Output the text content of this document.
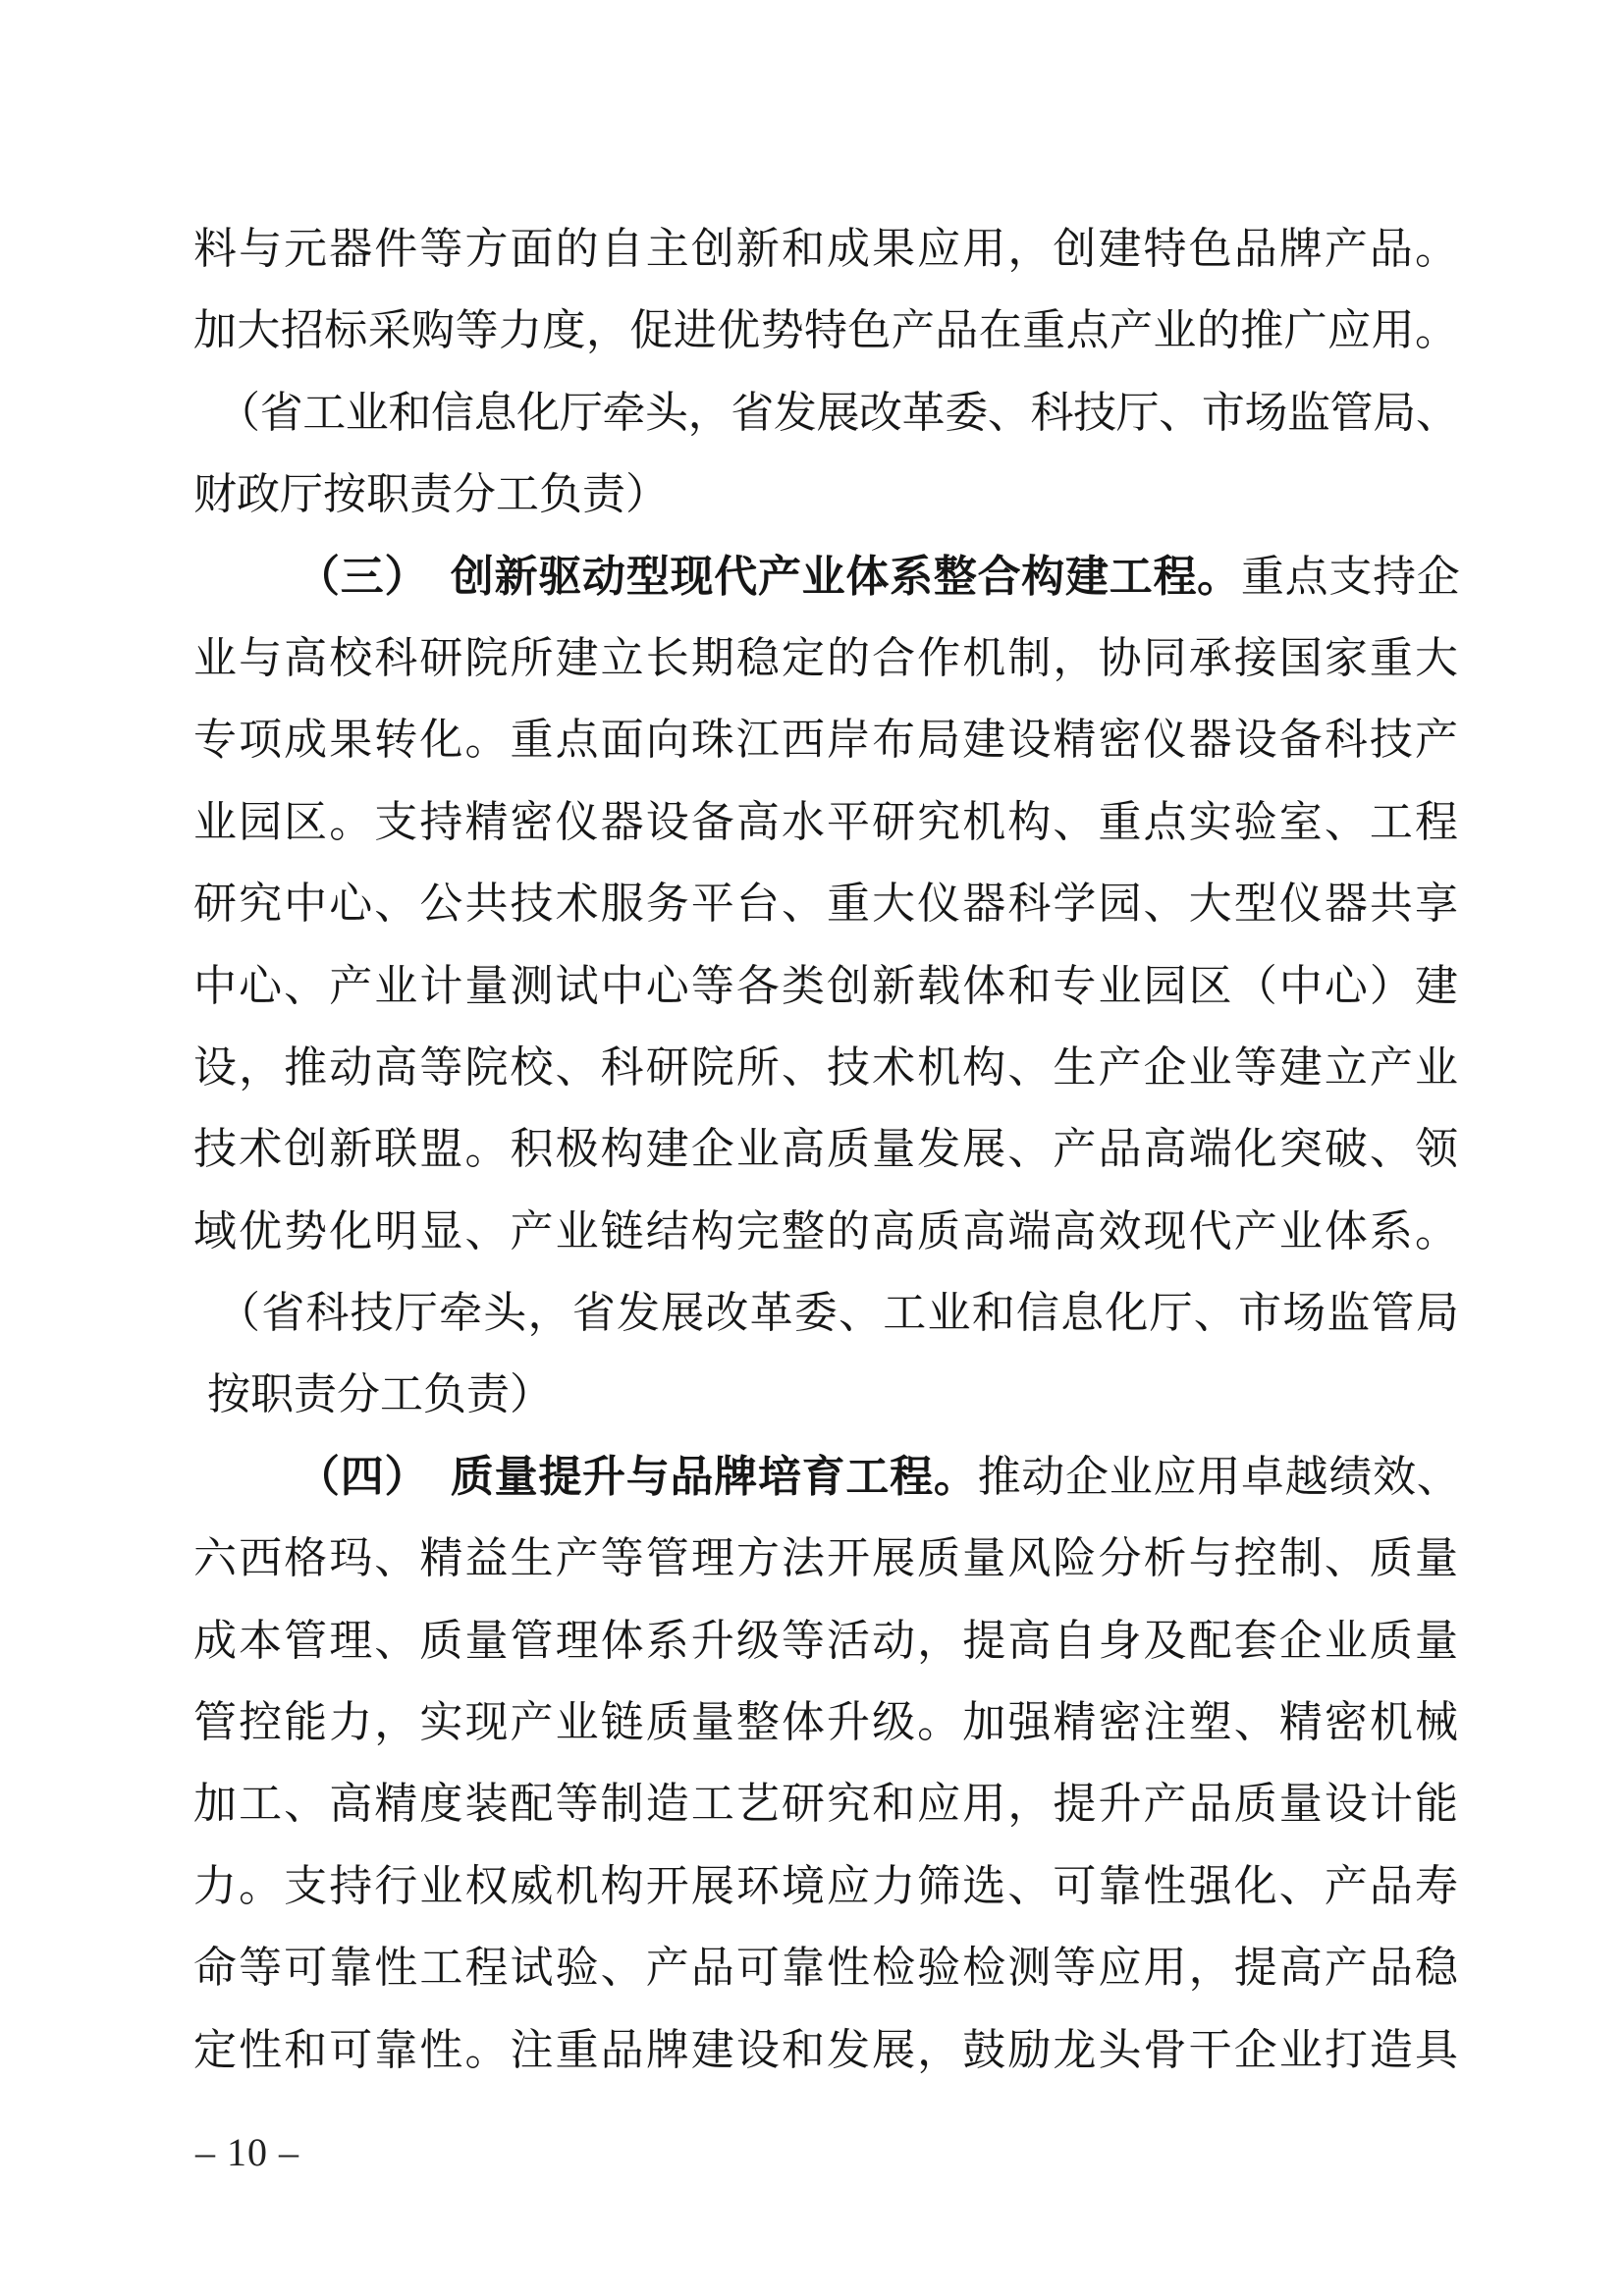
料与元器件等方面的自主创新和成果应用，创建特色品牌产品。
加大招标采购等力度，促进优势特色产品在重点产业的推广应用。
（省工业和信息化厅牵头，省发展改革委、科技厅、市场监管局、
财政厅按职责分工负责）
（三）　创新驱动型现代产业体系整合构建工程。重点支持企
业与高校科研院所建立长期稳定的合作机制，协同承接国家重大
专项成果转化。重点面向珠江西岸布局建设精密仪器设备科技产
业园区。支持精密仪器设备高水平研究机构、重点实验室、工程
研究中心、公共技术服务平台、重大仪器科学园、大型仪器共享
中心、产业计量测试中心等各类创新载体和专业园区（中心）建
设，推动高等院校、科研院所、技术机构、生产企业等建立产业
技术创新联盟。积极构建企业高质量发展、产品高端化突破、领
域优势化明显、产业链结构完整的高质高端高效现代产业体系。
（省科技厅牵头，省发展改革委、工业和信息化厅、市场监管局
按职责分工负责）
（四）　质量提升与品牌培育工程。推动企业应用卓越绩效、
六西格玛、精益生产等管理方法开展质量风险分析与控制、质量
成本管理、质量管理体系升级等活动，提高自身及配套企业质量
管控能力，实现产业链质量整体升级。加强精密注塑、精密机械
加工、高精度装配等制造工艺研究和应用，提升产品质量设计能
力。支持行业权威机构开展环境应力筛选、可靠性强化、产品寿
命等可靠性工程试验、产品可靠性检验检测等应用，提高产品稳
定性和可靠性。注重品牌建设和发展，鼓励龙头骨干企业打造具
– 10 –
